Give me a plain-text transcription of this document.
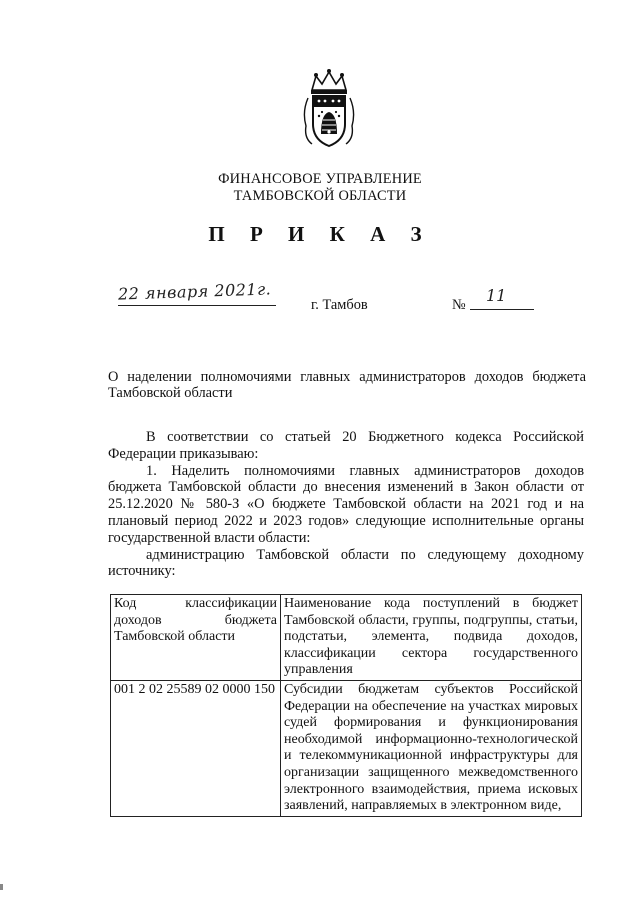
ФИНАНСОВОЕ УПРАВЛЕНИЕ
ТАМБОВСКОЙ ОБЛАСТИ
П Р И К А З
22 января 2021г.
г. Тамбов	№ 11
О наделении полномочиями главных администраторов доходов бюджета Тамбовской области

В соответствии со статьей 20 Бюджетного кодекса Российской Федерации приказываю:

1. Наделить полномочиями главных администраторов доходов бюджета Тамбовской области до внесения изменений в Закон области от 25.12.2020 № 580-З «О бюджете Тамбовской области на 2021 год и на плановый период 2022 и 2023 годов» следующие исполнительные органы государственной власти области:

администрацию Тамбовской области по следующему доходному источнику:

Код классификации доходов бюджета Тамбовской области	Наименование кода поступлений в бюджет Тамбовской области, группы, подгруппы, статьи, подстатьи, элемента, подвида доходов, классификации сектора государственного управления
001 2 02 25589 02 0000 150	Субсидии бюджетам субъектов Российской Федерации на обеспечение на участках мировых судей формирования и функционирования необходимой информационно-технологической и телекоммуникационной инфраструктуры для организации защищенного межведомственного электронного взаимодействия, приема исковых заявлений, направляемых в электронном виде,
